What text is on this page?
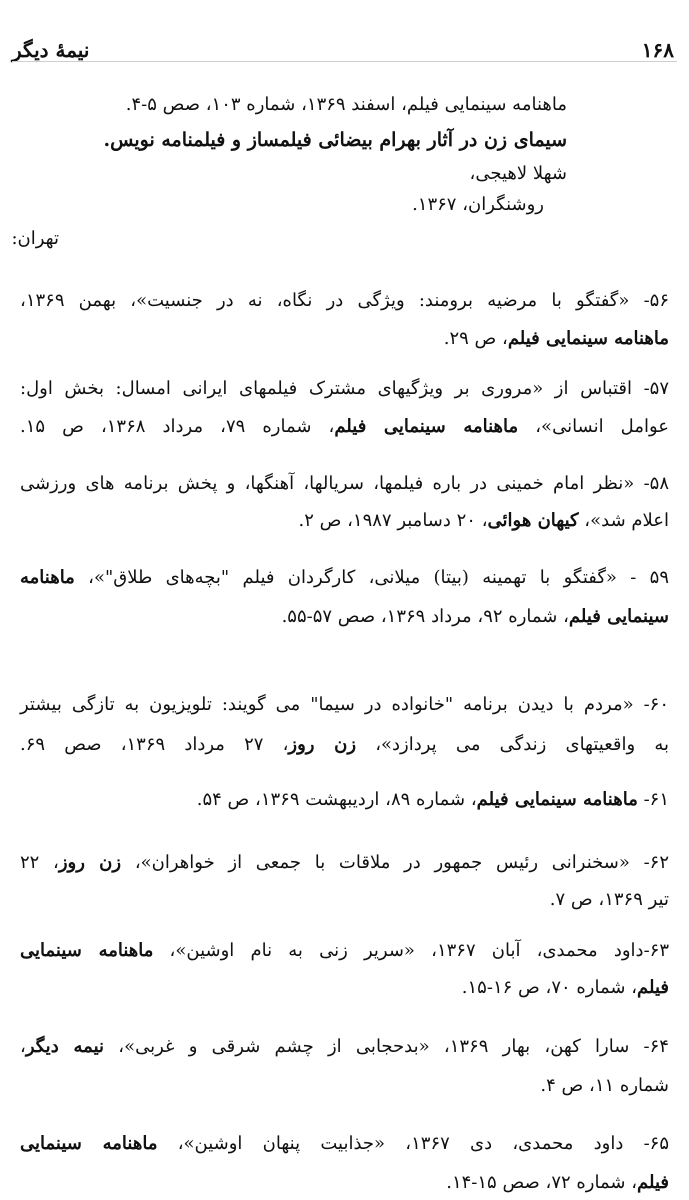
نیمهٔ دیگر	۱۶۸
ماهنامه سینمایی فیلم، اسفند ۱۳۶۹، شماره ۱۰۳، صص ۵-۴.
سیمای زن در آثار بهرام بیضائی فیلمساز و فیلمنامه نویس.
شهلا لاهیجی،
روشنگران، ۱۳۶۷.
تهران:
۵۶- «گفتگو با مرضیه برومند: ویژگی در نگاه، نه در جنسیت»، بهمن ۱۳۶۹،
ماهنامه سینمایی فیلم، ص ۲۹.
۵۷- اقتباس از «مروری بر ویژگیهای مشترک فیلمهای ایرانی امسال: بخش اول:
عوامل انسانی»، ماهنامه سینمایی فیلم، شماره ۷۹، مرداد ۱۳۶۸، ص ۱۵.
۵۸- «نظر امام خمینی در باره فیلمها، سریالها، آهنگها، و پخش برنامه های ورزشی
اعلام شد»، کیهان هوائی، ۲۰ دسامبر ۱۹۸۷، ص ۲.
۵۹ - «گفتگو با تهمینه (بیتا) میلانی، کارگردان فیلم "بچه‌های طلاق"»، ماهنامه
سینمایی فیلم، شماره ۹۲، مرداد ۱۳۶۹، صص ۵۷-۵۵.
۶۰- «مردم با دیدن برنامه "خانواده در سیما" می گویند: تلویزیون به تازگی بیشتر
به واقعیتهای زندگی می پردازد»، زن روز، ۲۷ مرداد ۱۳۶۹، صص ۶۹.
۶۱- ماهنامه سینمایی فیلم، شماره ۸۹، اردیبهشت ۱۳۶۹، ص ۵۴.
۶۲- «سخنرانی رئیس جمهور در ملاقات با جمعی از خواهران»، زن روز، ۲۲
تیر ۱۳۶۹، ص ۷.
۶۳-داود محمدی، آبان ۱۳۶۷، «سریر زنی به نام اوشین»، ماهنامه سینمایی
فیلم، شماره ۷۰، ص ۱۶-۱۵.
۶۴- سارا کهن، بهار ۱۳۶۹، «بدحجابی از چشم شرقی و غربی»، نیمه دیگر،
شماره ۱۱، ص ۴.
۶۵- داود محمدی، دی ۱۳۶۷، «جذابیت پنهان اوشین»، ماهنامه سینمایی
فیلم، شماره ۷۲، صص ۱۵-۱۴.
